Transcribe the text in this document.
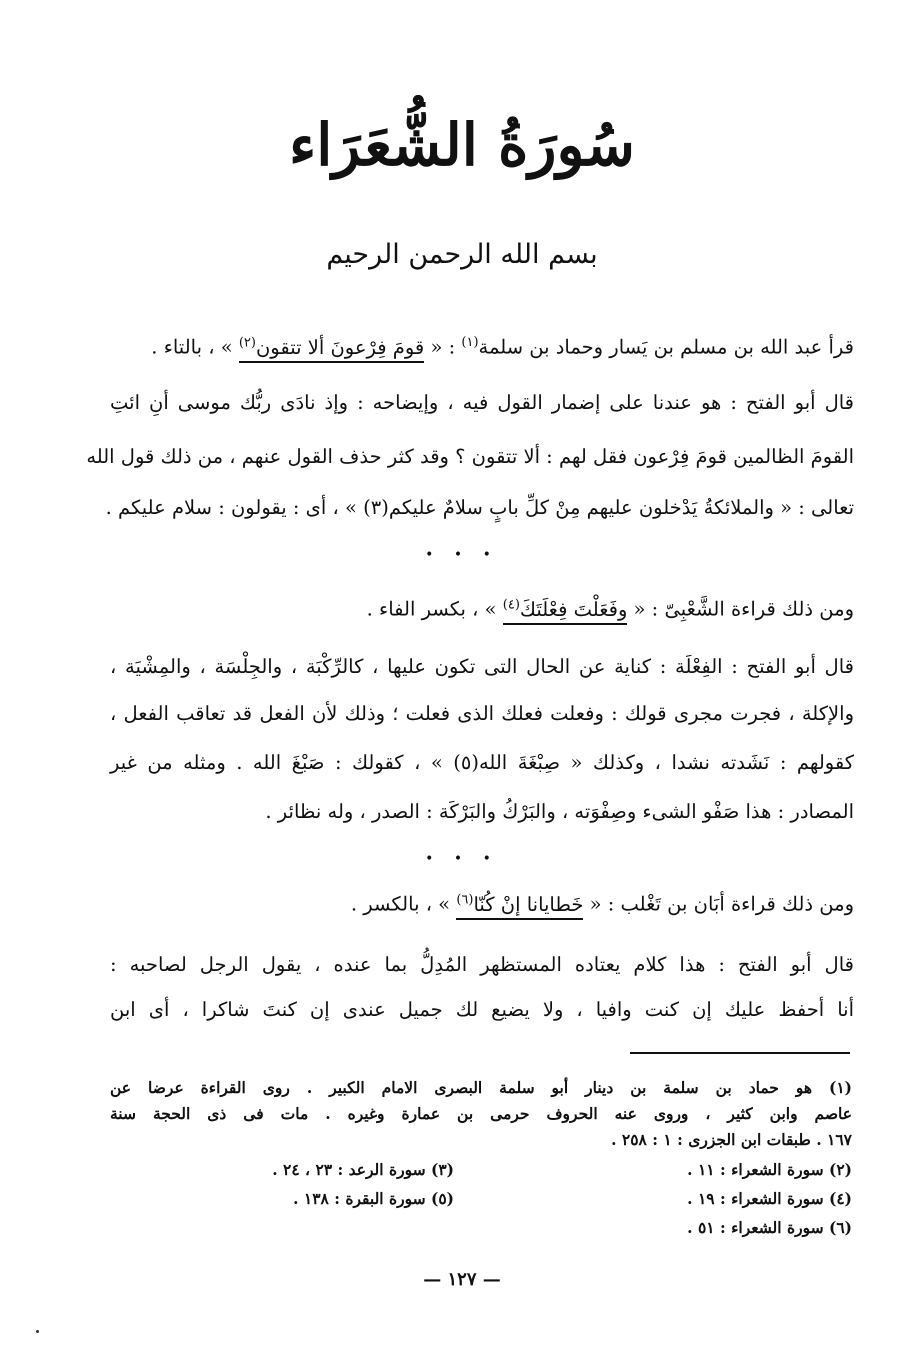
سُورَةُ الشُّعَرَاء
بسم الله الرحمن الرحيم
قرأ عبد الله بن مسلم بن يَسار وحماد بن سلمة$^{(١)}$ : « قومَ فِرْعونَ ألا تتقون$^{(٢)}$ » ، بالتاء .
قال أبو الفتح : هو عندنا على إضمار القول فيه ، وإيضاحه : وإذ نادَى ربُّك موسى أنِ ائتِ
القومَ الظالمين قومَ فِرْعون فقل لهم : ألا تتقون ؟ وقد كثر حذف القول عنهم ، من ذلك قول الله
تعالى : « والملائكةُ يَدْخلون عليهم مِنْ كلِّ بابٍ سلامٌ عليكم(٣) » ، أى : يقولون : سلام عليكم .
• • •
ومن ذلك قراءة الشَّعْبِىّ : « وفَعَلْتَ فِعْلَتَكَ$^{(٤)}$ » ، بكسر الفاء .
قال أبو الفتح : الفِعْلَة : كناية عن الحال التى تكون عليها ، كالرِّكْبَة ، والجِلْسَة ، والمِشْيَة ،
والإكلة ، فجرت مجرى قولك : وفعلت فعلك الذى فعلت ؛ وذلك لأن الفعل قد تعاقب الفعل ،
كقولهم : نَشَدته نشدا ، وكذلك « صِبْغَةَ الله(٥) » ، كقولك : صَبْغَ الله . ومثله من غير
المصادر : هذا صَفْو الشىء وصِفْوَته ، والبَرْكُ والبَرْكَة : الصدر ، وله نظائر .
• • •
ومن ذلك قراءة أبَان بن تَغْلب : « خَطايانا إنْ كُنّا$^{(٦)}$ » ، بالكسر .
قال أبو الفتح : هذا كلام يعتاده المستظهر المُدِلُّ بما عنده ، يقول الرجل لصاحبه :
أنا أحفظ عليك إن كنت وافيا ، ولا يضيع لك جميل عندى إن كنتَ شاكرا ، أى ابن
(١) هو حماد بن سلمة بن دينار أبو سلمة البصرى الامام الكبير . روى القراءة عرضا عن
عاصم وابن كثير ، وروى عنه الحروف حرمى بن عمارة وغيره . مات فى ذى الحجة سنة
١٦٧ . طبقات ابن الجزرى : ١ : ٢٥٨ .
(٢) سورة الشعراء : ١١ .
(٣) سورة الرعد : ٢٣ ، ٢٤ .
(٤) سورة الشعراء : ١٩ .
(٥) سورة البقرة : ١٣٨ .
(٦) سورة الشعراء : ٥١ .
— ١٢٧ —
